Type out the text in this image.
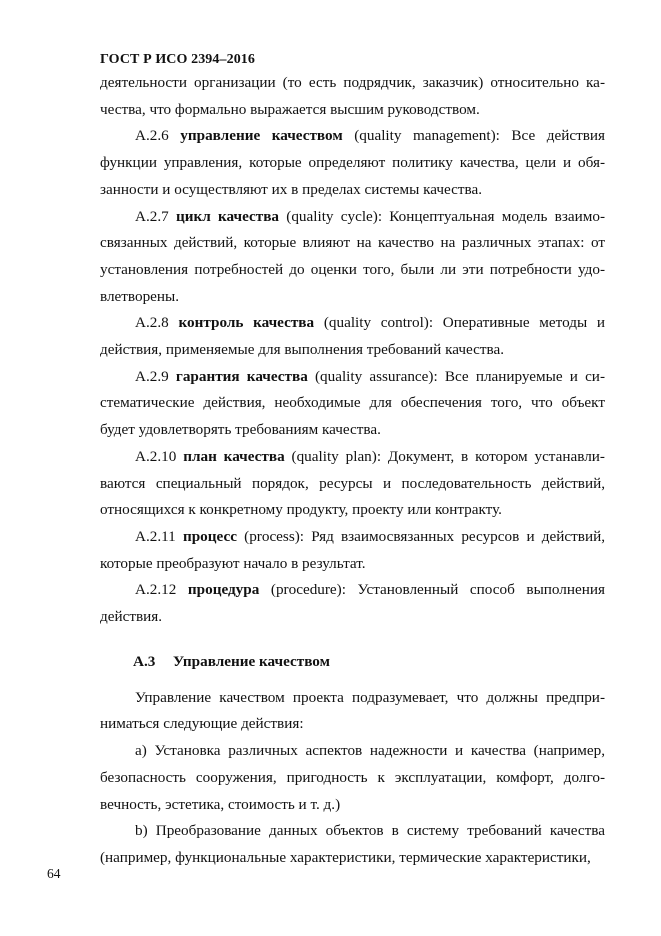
ГОСТ Р ИСО 2394–2016

деятельности организации (то есть подрядчик, заказчик) относительно качества, что формально выражается высшим руководством.

А.2.6 управление качеством (quality management): Все действия функции управления, которые определяют политику качества, цели и обязанности и осуществляют их в пределах системы качества.

А.2.7 цикл качества (quality cycle): Концептуальная модель взаимосвязанных действий, которые влияют на качество на различных этапах: от установления потребностей до оценки того, были ли эти потребности удовлетворены.

А.2.8 контроль качества (quality control): Оперативные методы и действия, применяемые для выполнения требований качества.

А.2.9 гарантия качества (quality assurance): Все планируемые и систематические действия, необходимые для обеспечения того, что объект будет удовлетворять требованиям качества.

А.2.10 план качества (quality plan): Документ, в котором устанавливаются специальный порядок, ресурсы и последовательность действий, относящихся к конкретному продукту, проекту или контракту.

А.2.11 процесс (process): Ряд взаимосвязанных ресурсов и действий, которые преобразуют начало в результат.

А.2.12 процедура (procedure): Установленный способ выполнения действия.

А.3 Управление качеством

Управление качеством проекта подразумевает, что должны предприниматься следующие действия:

а) Установка различных аспектов надежности и качества (например, безопасность сооружения, пригодность к эксплуатации, комфорт, долговечность, эстетика, стоимость и т. д.)

b) Преобразование данных объектов в систему требований качества (например, функциональные характеристики, термические характеристики,

64
